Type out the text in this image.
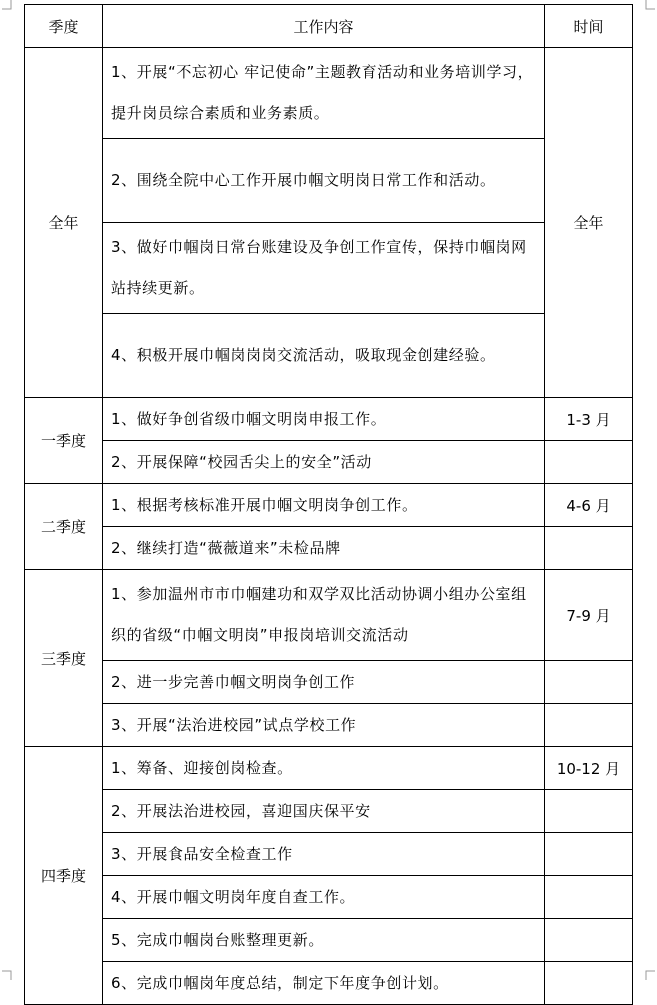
季度	工作内容	时间
全年	1、开展“不忘初心 牢记使命”主题教育活动和业务培训学习，提升岗员综合素质和业务素质。	全年
	2、围绕全院中心工作开展巾帼文明岗日常工作和活动。	
	3、做好巾帼岗日常台账建设及争创工作宣传，保持巾帼岗网站持续更新。	
	4、积极开展巾帼岗岗岗交流活动，吸取现金创建经验。	
一季度	1、做好争创省级巾帼文明岗申报工作。	1-3 月
	2、开展保障“校园舌尖上的安全”活动	
二季度	1、根据考核标准开展巾帼文明岗争创工作。	4-6 月
	2、继续打造“薇薇道来”未检品牌	
三季度	1、参加温州市市巾帼建功和双学双比活动协调小组办公室组织的省级“巾帼文明岗”申报岗培训交流活动	7-9 月
	2、进一步完善巾帼文明岗争创工作	
	3、开展“法治进校园”试点学校工作	
四季度	1、筹备、迎接创岗检查。	10-12 月
	2、开展法治进校园，喜迎国庆保平安	
	3、开展食品安全检查工作	
	4、开展巾帼文明岗年度自查工作。	
	5、完成巾帼岗台账整理更新。	
	6、完成巾帼岗年度总结，制定下年度争创计划。	
